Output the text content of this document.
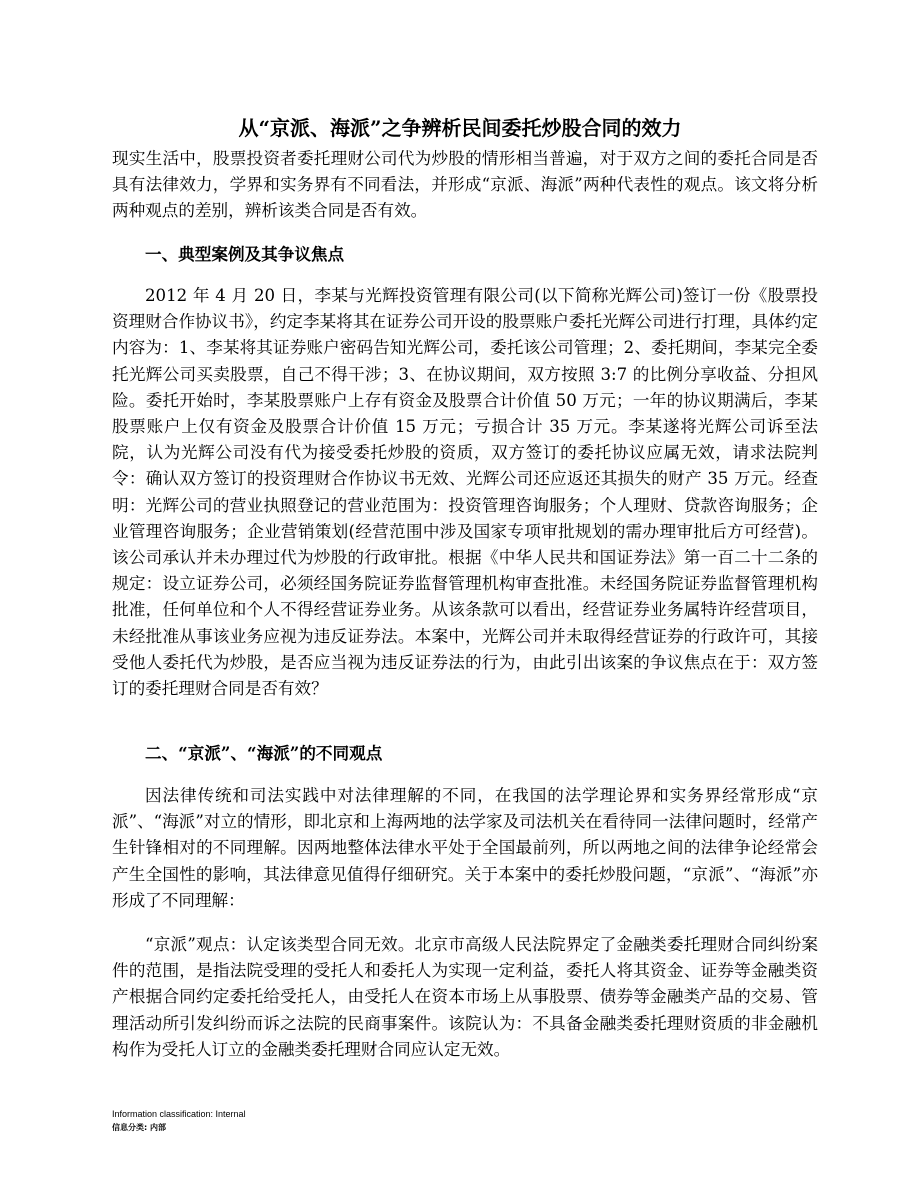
从“京派、海派”之争辨析民间委托炒股合同的效力

现实生活中，股票投资者委托理财公司代为炒股的情形相当普遍，对于双方之间的委托合同是否具有法律效力，学界和实务界有不同看法，并形成“京派、海派”两种代表性的观点。该文将分析两种观点的差别，辨析该类合同是否有效。

一、典型案例及其争议焦点

2012 年 4 月 20 日，李某与光辉投资管理有限公司(以下简称光辉公司)签订一份《股票投资理财合作协议书》，约定李某将其在证券公司开设的股票账户委托光辉公司进行打理，具体约定内容为：1、李某将其证券账户密码告知光辉公司，委托该公司管理；2、委托期间，李某完全委托光辉公司买卖股票，自己不得干涉；3、在协议期间，双方按照 3:7 的比例分享收益、分担风险。委托开始时，李某股票账户上存有资金及股票合计价值 50 万元；一年的协议期满后，李某股票账户上仅有资金及股票合计价值 15 万元；亏损合计 35 万元。李某遂将光辉公司诉至法院，认为光辉公司没有代为接受委托炒股的资质，双方签订的委托协议应属无效，请求法院判令：确认双方签订的投资理财合作协议书无效、光辉公司还应返还其损失的财产 35 万元。经查明：光辉公司的营业执照登记的营业范围为：投资管理咨询服务；个人理财、贷款咨询服务；企业管理咨询服务；企业营销策划(经营范围中涉及国家专项审批规划的需办理审批后方可经营)。该公司承认并未办理过代为炒股的行政审批。根据《中华人民共和国证券法》第一百二十二条的规定：设立证券公司，必须经国务院证券监督管理机构审查批准。未经国务院证券监督管理机构批准，任何单位和个人不得经营证券业务。从该条款可以看出，经营证券业务属特许经营项目，未经批准从事该业务应视为违反证券法。本案中，光辉公司并未取得经营证券的行政许可，其接受他人委托代为炒股，是否应当视为违反证券法的行为，由此引出该案的争议焦点在于：双方签订的委托理财合同是否有效？

二、“京派”、“海派”的不同观点

因法律传统和司法实践中对法律理解的不同，在我国的法学理论界和实务界经常形成“京派”、“海派”对立的情形，即北京和上海两地的法学家及司法机关在看待同一法律问题时，经常产生针锋相对的不同理解。因两地整体法律水平处于全国最前列，所以两地之间的法律争论经常会产生全国性的影响，其法律意见值得仔细研究。关于本案中的委托炒股问题，“京派”、“海派”亦形成了不同理解：

“京派”观点：认定该类型合同无效。北京市高级人民法院界定了金融类委托理财合同纠纷案件的范围，是指法院受理的受托人和委托人为实现一定利益，委托人将其资金、证券等金融类资产根据合同约定委托给受托人，由受托人在资本市场上从事股票、债券等金融类产品的交易、管理活动所引发纠纷而诉之法院的民商事案件。该院认为：不具备金融类委托理财资质的非金融机构作为受托人订立的金融类委托理财合同应认定无效。

Information classification: Internal
信息分类: 内部
